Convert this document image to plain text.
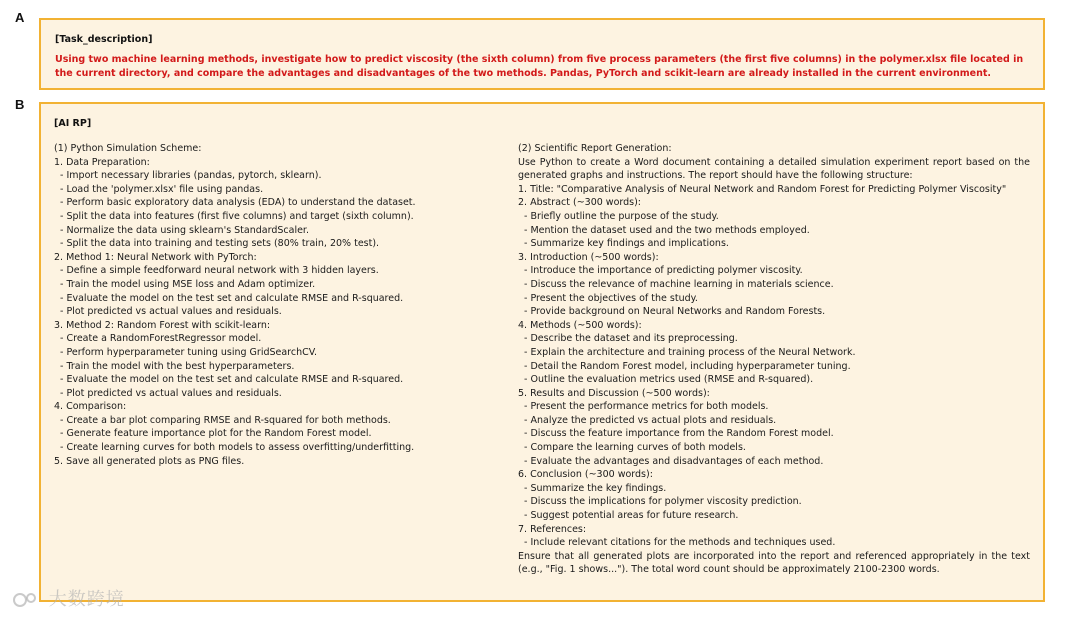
A
[Task_description]
Using two machine learning methods, investigate how to predict viscosity (the sixth column) from five process parameters (the first five columns) in the polymer.xlsx file located in the current directory, and compare the advantages and disadvantages of the two methods. Pandas, PyTorch and scikit-learn are already installed in the current environment.
B
[AI RP]
(1) Python Simulation Scheme:
1. Data Preparation:
- Import necessary libraries (pandas, pytorch, sklearn).
- Load the 'polymer.xlsx' file using pandas.
- Perform basic exploratory data analysis (EDA) to understand the dataset.
- Split the data into features (first five columns) and target (sixth column).
- Normalize the data using sklearn's StandardScaler.
- Split the data into training and testing sets (80% train, 20% test).
2. Method 1: Neural Network with PyTorch:
- Define a simple feedforward neural network with 3 hidden layers.
- Train the model using MSE loss and Adam optimizer.
- Evaluate the model on the test set and calculate RMSE and R-squared.
- Plot predicted vs actual values and residuals.
3. Method 2: Random Forest with scikit-learn:
- Create a RandomForestRegressor model.
- Perform hyperparameter tuning using GridSearchCV.
- Train the model with the best hyperparameters.
- Evaluate the model on the test set and calculate RMSE and R-squared.
- Plot predicted vs actual values and residuals.
4. Comparison:
- Create a bar plot comparing RMSE and R-squared for both methods.
- Generate feature importance plot for the Random Forest model.
- Create learning curves for both models to assess overfitting/underfitting.
5. Save all generated plots as PNG files.
(2) Scientific Report Generation:
Use Python to create a Word document containing a detailed simulation experiment report based on the generated graphs and instructions. The report should have the following structure:
1. Title: "Comparative Analysis of Neural Network and Random Forest for Predicting Polymer Viscosity"
2. Abstract (~300 words):
- Briefly outline the purpose of the study.
- Mention the dataset used and the two methods employed.
- Summarize key findings and implications.
3. Introduction (~500 words):
- Introduce the importance of predicting polymer viscosity.
- Discuss the relevance of machine learning in materials science.
- Present the objectives of the study.
- Provide background on Neural Networks and Random Forests.
4. Methods (~500 words):
- Describe the dataset and its preprocessing.
- Explain the architecture and training process of the Neural Network.
- Detail the Random Forest model, including hyperparameter tuning.
- Outline the evaluation metrics used (RMSE and R-squared).
5. Results and Discussion (~500 words):
- Present the performance metrics for both models.
- Analyze the predicted vs actual plots and residuals.
- Discuss the feature importance from the Random Forest model.
- Compare the learning curves of both models.
- Evaluate the advantages and disadvantages of each method.
6. Conclusion (~300 words):
- Summarize the key findings.
- Discuss the implications for polymer viscosity prediction.
- Suggest potential areas for future research.
7. References:
- Include relevant citations for the methods and techniques used.
Ensure that all generated plots are incorporated into the report and referenced appropriately in the text (e.g., "Fig. 1 shows..."). The total word count should be approximately 2100-2300 words.
大数跨境
